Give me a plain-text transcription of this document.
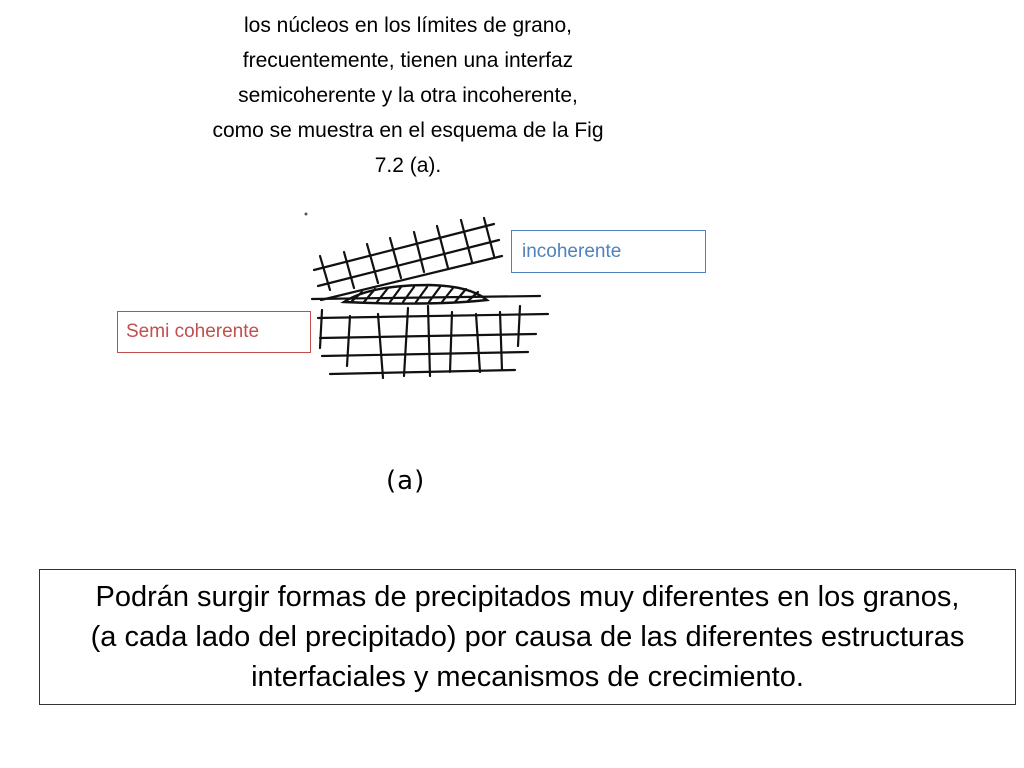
los núcleos en los límites de grano,
frecuentemente, tienen una interfaz
semicoherente y la otra incoherente,
como se muestra en el esquema de la Fig
7.2 (a).
incoherente
Semi coherente
(a)
Podrán surgir formas de precipitados muy diferentes en los granos,
(a cada lado del precipitado) por causa de las diferentes estructuras
interfaciales y mecanismos de crecimiento.
